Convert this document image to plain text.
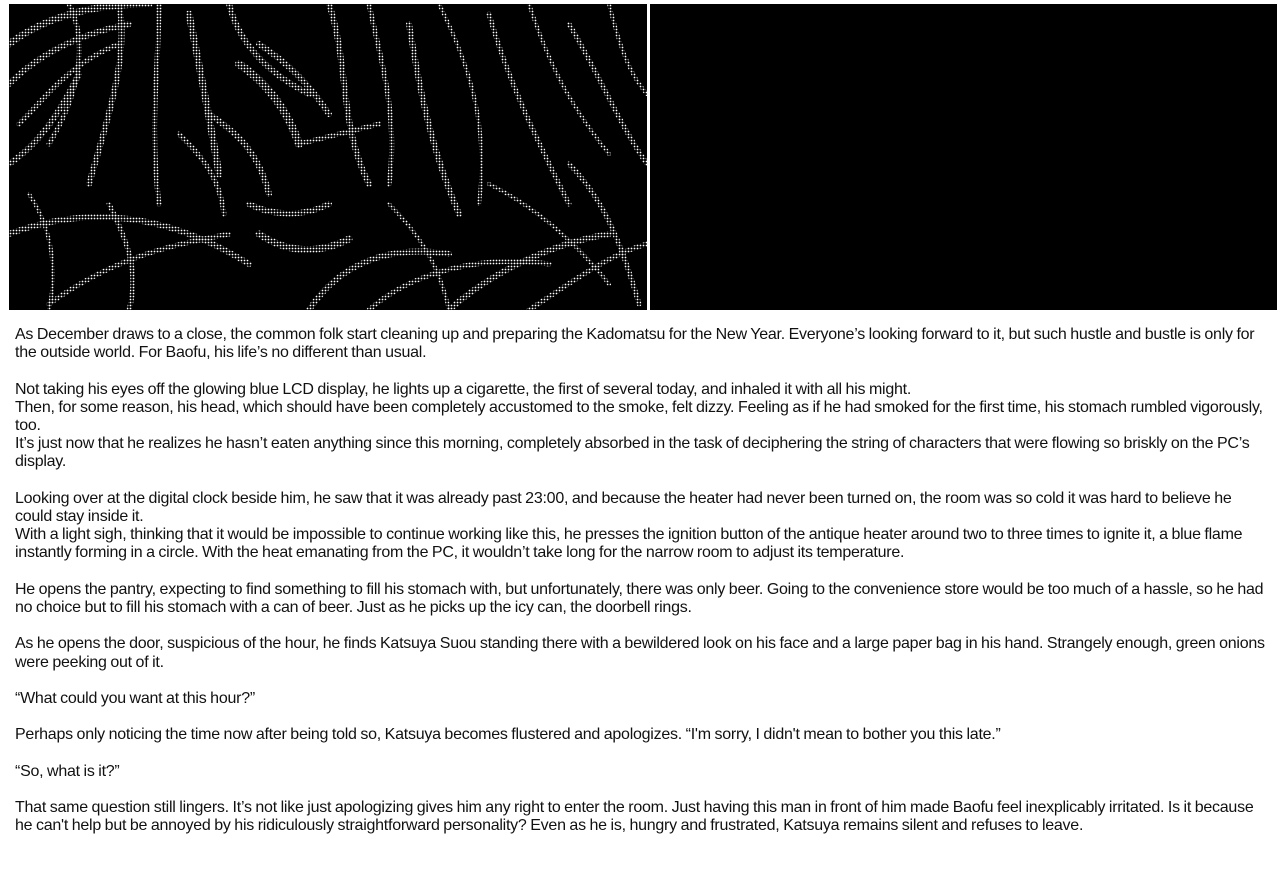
As December draws to a close, the common folk start cleaning up and preparing the Kadomatsu for the New Year. Everyone’s looking forward to it, but such hustle and bustle is only for the outside world. For Baofu, his life’s no different than usual.

Not taking his eyes off the glowing blue LCD display, he lights up a cigarette, the first of several today, and inhaled it with all his might.

Then, for some reason, his head, which should have been completely accustomed to the smoke, felt dizzy. Feeling as if he had smoked for the first time, his stomach rumbled vigorously, too.

It’s just now that he realizes he hasn’t eaten anything since this morning, completely absorbed in the task of deciphering the string of characters that were flowing so briskly on the PC’s display.

Looking over at the digital clock beside him, he saw that it was already past 23:00, and because the heater had never been turned on, the room was so cold it was hard to believe he could stay inside it.

With a light sigh, thinking that it would be impossible to continue working like this, he presses the ignition button of the antique heater around two to three times to ignite it, a blue flame instantly forming in a circle. With the heat emanating from the PC, it wouldn’t take long for the narrow room to adjust its temperature.

He opens the pantry, expecting to find something to fill his stomach with, but unfortunately, there was only beer. Going to the convenience store would be too much of a hassle, so he had no choice but to fill his stomach with a can of beer. Just as he picks up the icy can, the doorbell rings.

As he opens the door, suspicious of the hour, he finds Katsuya Suou standing there with a bewildered look on his face and a large paper bag in his hand. Strangely enough, green onions were peeking out of it.

“What could you want at this hour?”

Perhaps only noticing the time now after being told so, Katsuya becomes flustered and apologizes. “I'm sorry, I didn't mean to bother you this late.”

“So, what is it?”

That same question still lingers. It’s not like just apologizing gives him any right to enter the room. Just having this man in front of him made Baofu feel inexplicably irritated. Is it because he can't help but be annoyed by his ridiculously straightforward personality? Even as he is, hungry and frustrated, Katsuya remains silent and refuses to leave.
